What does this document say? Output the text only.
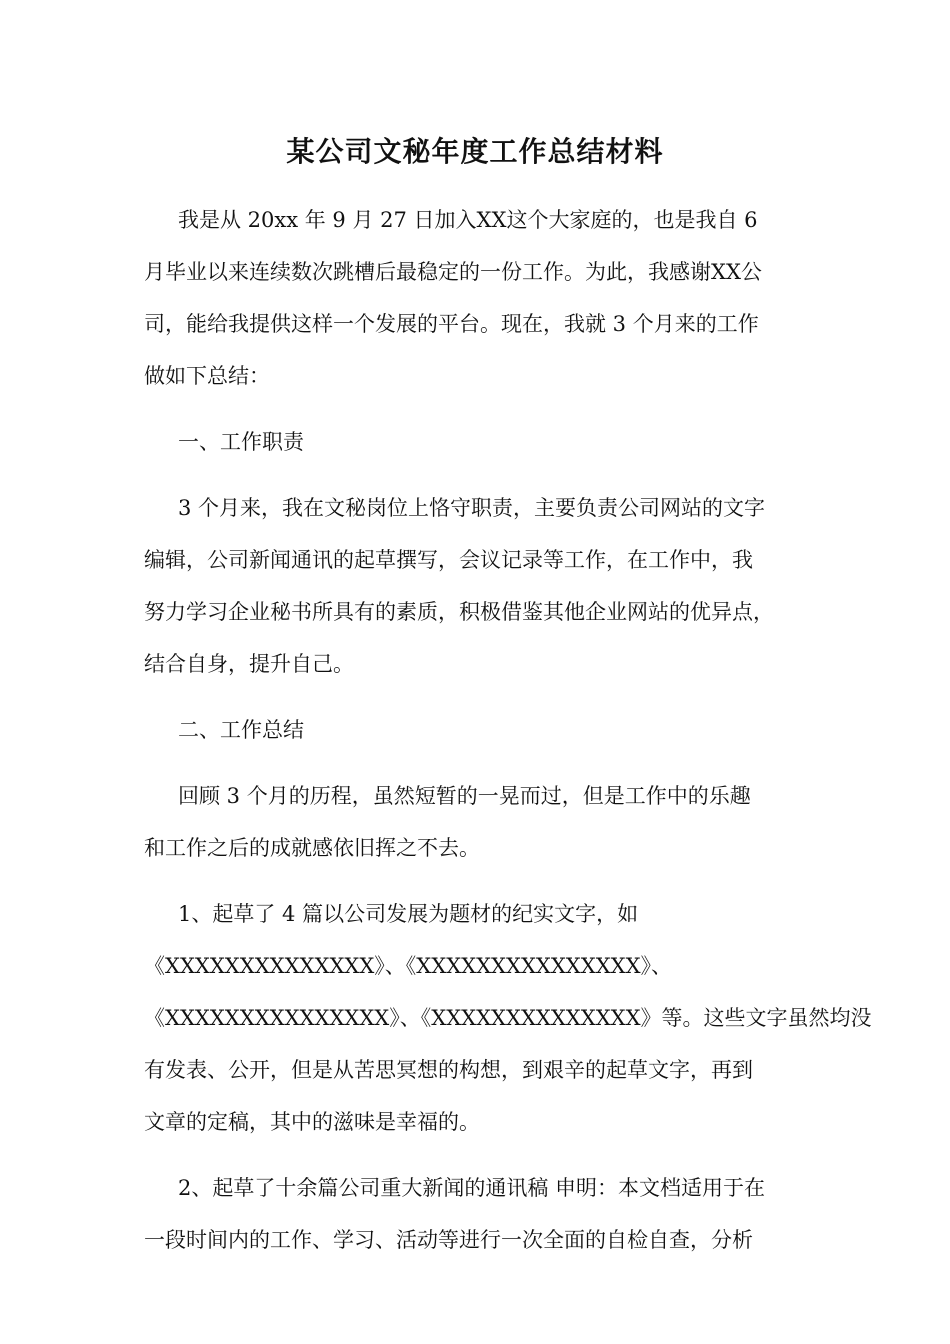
某公司文秘年度工作总结材料
我是从 20xx 年 9 月 27 日加入XX这个大家庭的，也是我自 6
月毕业以来连续数次跳槽后最稳定的一份工作。为此，我感谢XX公
司，能给我提供这样一个发展的平台。现在，我就 3 个月来的工作
做如下总结：
一、工作职责
3 个月来，我在文秘岗位上恪守职责，主要负责公司网站的文字
编辑，公司新闻通讯的起草撰写，会议记录等工作，在工作中，我
努力学习企业秘书所具有的素质，积极借鉴其他企业网站的优异点，
结合自身，提升自己。
二、工作总结
回顾 3 个月的历程，虽然短暂的一晃而过，但是工作中的乐趣
和工作之后的成就感依旧挥之不去。
1、起草了 4 篇以公司发展为题材的纪实文字，如
《XXXXXXXXXXXXXX》、《XXXXXXXXXXXXXXX》、
《XXXXXXXXXXXXXXX》、《XXXXXXXXXXXXXX》等。这些文字虽然均没
有发表、公开，但是从苦思冥想的构想，到艰辛的起草文字，再到
文章的定稿，其中的滋味是幸福的。
2、起草了十余篇公司重大新闻的通讯稿 申明：本文档适用于在
一段时间内的工作、学习、活动等进行一次全面的自检自查，分析
